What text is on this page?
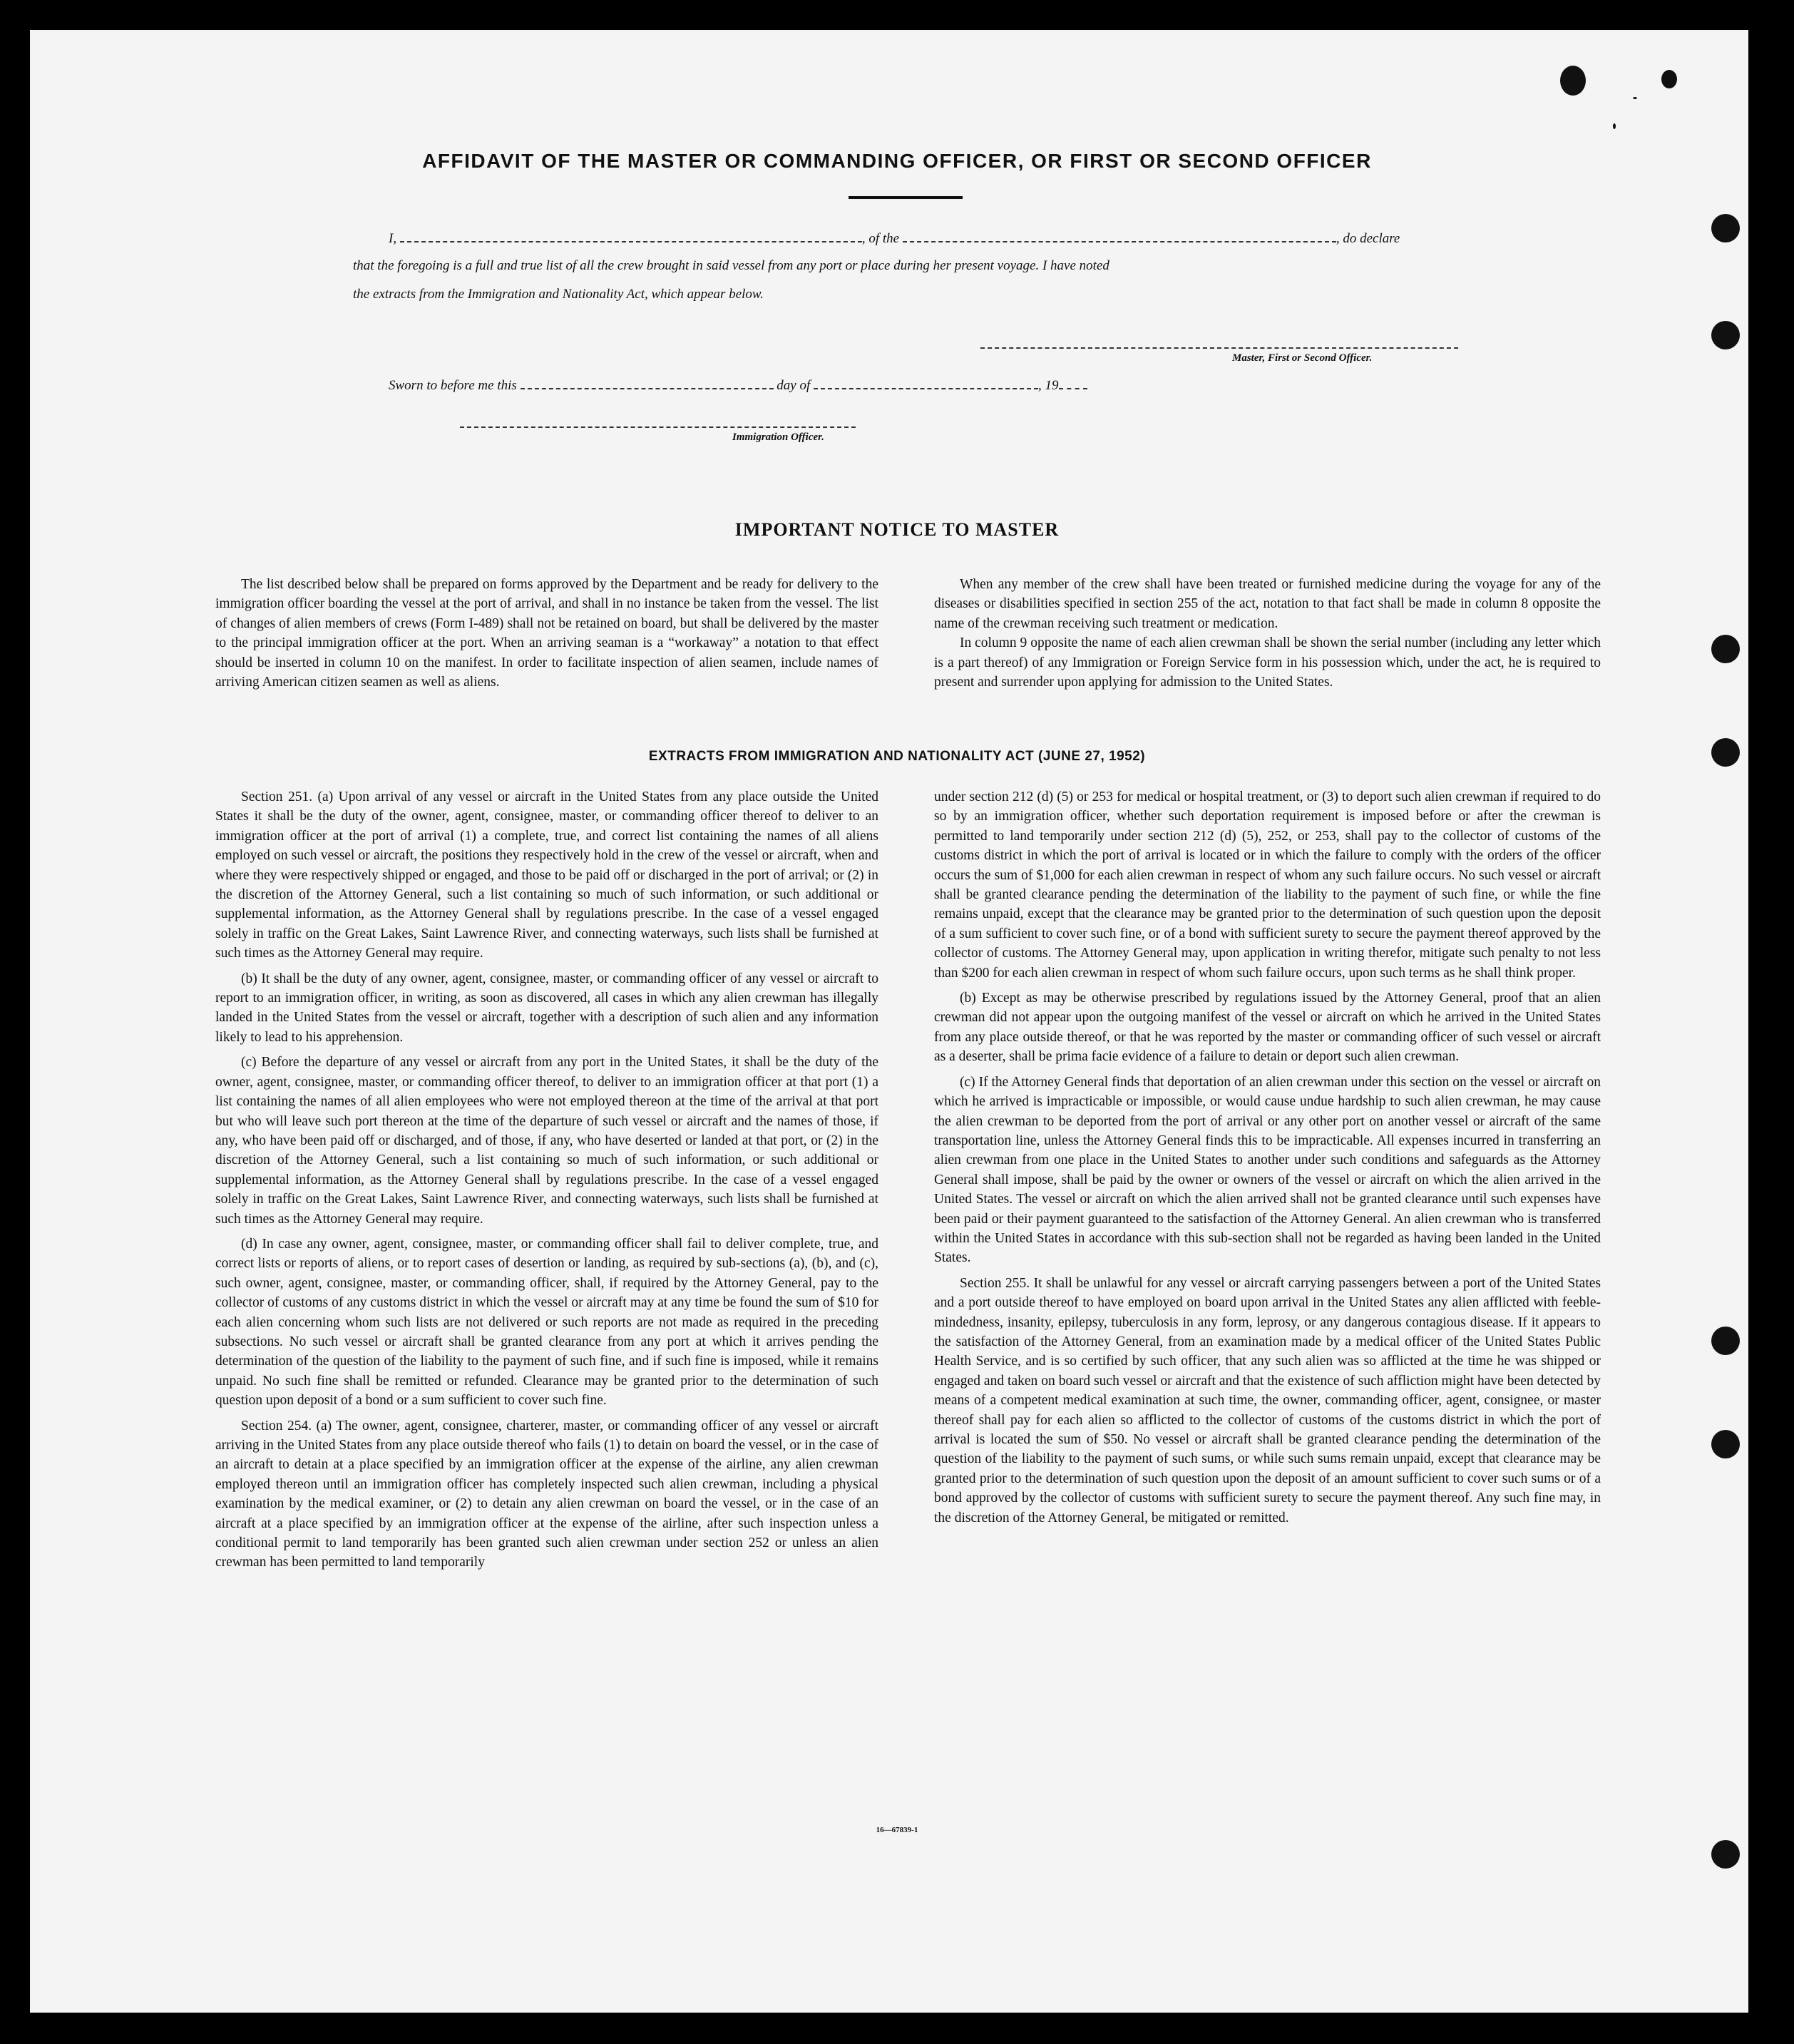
AFFIDAVIT OF THE MASTER OR COMMANDING OFFICER, OR FIRST OR SECOND OFFICER
I,	, of the	, do declare
that the foregoing is a full and true list of all the crew brought in said vessel from any port or place during her present voyage. I have noted
the extracts from the Immigration and Nationality Act, which appear below.
Master, First or Second Officer.
Sworn to before me this	day of	, 19
Immigration Officer.
IMPORTANT NOTICE TO MASTER

The list described below shall be prepared on forms approved by the Department and be ready for delivery to the immigration officer boarding the vessel at the port of arrival, and shall in no instance be taken from the vessel. The list of changes of alien members of crews (Form I-489) shall not be retained on board, but shall be delivered by the master to the principal immigration officer at the port. When an arriving seaman is a “workaway” a notation to that effect should be inserted in column 10 on the manifest. In order to facilitate inspection of alien seamen, include names of arriving American citizen seamen as well as aliens.

When any member of the crew shall have been treated or furnished medicine during the voyage for any of the diseases or disabilities specified in section 255 of the act, notation to that fact shall be made in column 8 opposite the name of the crewman receiving such treatment or medication.

In column 9 opposite the name of each alien crewman shall be shown the serial number (including any letter which is a part thereof) of any Immigration or Foreign Service form in his possession which, under the act, he is required to present and surrender upon applying for admission to the United States.

EXTRACTS FROM IMMIGRATION AND NATIONALITY ACT (JUNE 27, 1952)

Section 251. (a) Upon arrival of any vessel or aircraft in the United States from any place outside the United States it shall be the duty of the owner, agent, consignee, master, or commanding officer thereof to deliver to an immigration officer at the port of arrival (1) a complete, true, and correct list containing the names of all aliens employed on such vessel or aircraft, the positions they respectively hold in the crew of the vessel or aircraft, when and where they were respectively shipped or engaged, and those to be paid off or discharged in the port of arrival; or (2) in the discretion of the Attorney General, such a list containing so much of such information, or such additional or supplemental information, as the Attorney General shall by regulations prescribe. In the case of a vessel engaged solely in traffic on the Great Lakes, Saint Lawrence River, and connecting waterways, such lists shall be furnished at such times as the Attorney General may require.

(b) It shall be the duty of any owner, agent, consignee, master, or commanding officer of any vessel or aircraft to report to an immigration officer, in writing, as soon as discovered, all cases in which any alien crewman has illegally landed in the United States from the vessel or aircraft, together with a description of such alien and any information likely to lead to his apprehension.

(c) Before the departure of any vessel or aircraft from any port in the United States, it shall be the duty of the owner, agent, consignee, master, or commanding officer thereof, to deliver to an immigration officer at that port (1) a list containing the names of all alien employees who were not employed thereon at the time of the arrival at that port but who will leave such port thereon at the time of the departure of such vessel or aircraft and the names of those, if any, who have been paid off or discharged, and of those, if any, who have deserted or landed at that port, or (2) in the discretion of the Attorney General, such a list containing so much of such information, or such additional or supplemental information, as the Attorney General shall by regulations prescribe. In the case of a vessel engaged solely in traffic on the Great Lakes, Saint Lawrence River, and connecting waterways, such lists shall be furnished at such times as the Attorney General may require.

(d) In case any owner, agent, consignee, master, or commanding officer shall fail to deliver complete, true, and correct lists or reports of aliens, or to report cases of desertion or landing, as required by sub-sections (a), (b), and (c), such owner, agent, consignee, master, or commanding officer, shall, if required by the Attorney General, pay to the collector of customs of any customs district in which the vessel or aircraft may at any time be found the sum of $10 for each alien concerning whom such lists are not delivered or such reports are not made as required in the preceding subsections. No such vessel or aircraft shall be granted clearance from any port at which it arrives pending the determination of the question of the liability to the payment of such fine, and if such fine is imposed, while it remains unpaid. No such fine shall be remitted or refunded. Clearance may be granted prior to the determination of such question upon deposit of a bond or a sum sufficient to cover such fine.

Section 254. (a) The owner, agent, consignee, charterer, master, or commanding officer of any vessel or aircraft arriving in the United States from any place outside thereof who fails (1) to detain on board the vessel, or in the case of an aircraft to detain at a place specified by an immigration officer at the expense of the airline, any alien crewman employed thereon until an immigration officer has completely inspected such alien crewman, including a physical examination by the medical examiner, or (2) to detain any alien crewman on board the vessel, or in the case of an aircraft at a place specified by an immigration officer at the expense of the airline, after such inspection unless a conditional permit to land temporarily has been granted such alien crewman under section 252 or unless an alien crewman has been permitted to land temporarily

under section 212 (d) (5) or 253 for medical or hospital treatment, or (3) to deport such alien crewman if required to do so by an immigration officer, whether such deportation requirement is imposed before or after the crewman is permitted to land temporarily under section 212 (d) (5), 252, or 253, shall pay to the collector of customs of the customs district in which the port of arrival is located or in which the failure to comply with the orders of the officer occurs the sum of $1,000 for each alien crewman in respect of whom any such failure occurs. No such vessel or aircraft shall be granted clearance pending the determination of the liability to the payment of such fine, or while the fine remains unpaid, except that the clearance may be granted prior to the determination of such question upon the deposit of a sum sufficient to cover such fine, or of a bond with sufficient surety to secure the payment thereof approved by the collector of customs. The Attorney General may, upon application in writing therefor, mitigate such penalty to not less than $200 for each alien crewman in respect of whom such failure occurs, upon such terms as he shall think proper.

(b) Except as may be otherwise prescribed by regulations issued by the Attorney General, proof that an alien crewman did not appear upon the outgoing manifest of the vessel or aircraft on which he arrived in the United States from any place outside thereof, or that he was reported by the master or commanding officer of such vessel or aircraft as a deserter, shall be prima facie evidence of a failure to detain or deport such alien crewman.

(c) If the Attorney General finds that deportation of an alien crewman under this section on the vessel or aircraft on which he arrived is impracticable or impossible, or would cause undue hardship to such alien crewman, he may cause the alien crewman to be deported from the port of arrival or any other port on another vessel or aircraft of the same transportation line, unless the Attorney General finds this to be impracticable. All expenses incurred in transferring an alien crewman from one place in the United States to another under such conditions and safeguards as the Attorney General shall impose, shall be paid by the owner or owners of the vessel or aircraft on which the alien arrived in the United States. The vessel or aircraft on which the alien arrived shall not be granted clearance until such expenses have been paid or their payment guaranteed to the satisfaction of the Attorney General. An alien crewman who is transferred within the United States in accordance with this sub-section shall not be regarded as having been landed in the United States.

Section 255. It shall be unlawful for any vessel or aircraft carrying passengers between a port of the United States and a port outside thereof to have employed on board upon arrival in the United States any alien afflicted with feeble-mindedness, insanity, epilepsy, tuberculosis in any form, leprosy, or any dangerous contagious disease. If it appears to the satisfaction of the Attorney General, from an examination made by a medical officer of the United States Public Health Service, and is so certified by such officer, that any such alien was so afflicted at the time he was shipped or engaged and taken on board such vessel or aircraft and that the existence of such affliction might have been detected by means of a competent medical examination at such time, the owner, commanding officer, agent, consignee, or master thereof shall pay for each alien so afflicted to the collector of customs of the customs district in which the port of arrival is located the sum of $50. No vessel or aircraft shall be granted clearance pending the determination of the question of the liability to the payment of such sums, or while such sums remain unpaid, except that clearance may be granted prior to the determination of such question upon the deposit of an amount sufficient to cover such sums or of a bond approved by the collector of customs with sufficient surety to secure the payment thereof. Any such fine may, in the discretion of the Attorney General, be mitigated or remitted.

16—67839-1
